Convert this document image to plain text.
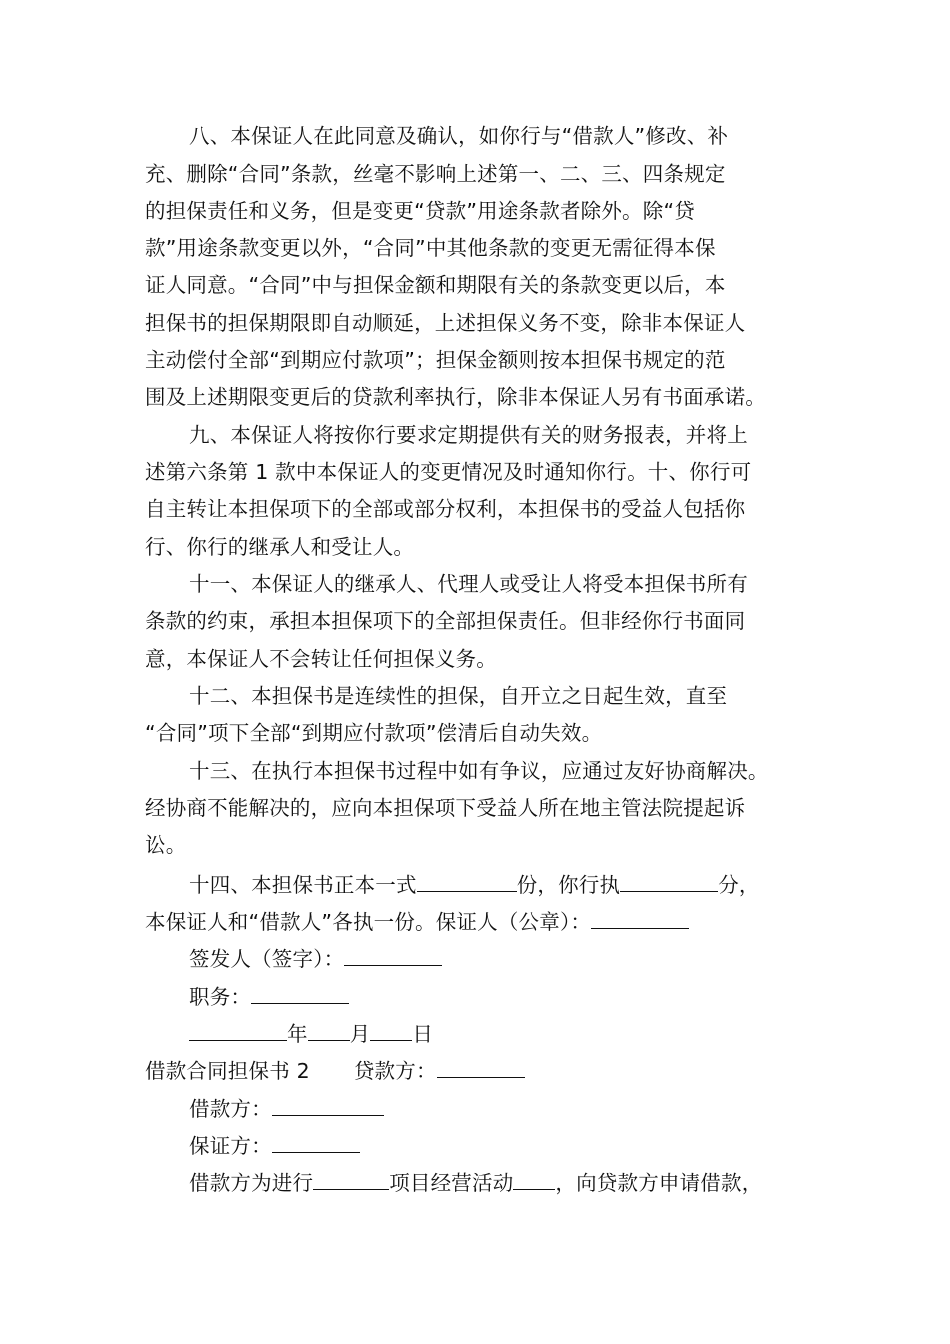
八、本保证人在此同意及确认，如你行与“借款人”修改、补
充、删除“合同”条款，丝毫不影响上述第一、二、三、四条规定
的担保责任和义务，但是变更“贷款”用途条款者除外。除“贷
款”用途条款变更以外，“合同”中其他条款的变更无需征得本保
证人同意。“合同”中与担保金额和期限有关的条款变更以后，本
担保书的担保期限即自动顺延，上述担保义务不变，除非本保证人
主动偿付全部“到期应付款项”；担保金额则按本担保书规定的范
围及上述期限变更后的贷款利率执行，除非本保证人另有书面承诺。
九、本保证人将按你行要求定期提供有关的财务报表，并将上
述第六条第 1 款中本保证人的变更情况及时通知你行。十、你行可
自主转让本担保项下的全部或部分权利，本担保书的受益人包括你
行、你行的继承人和受让人。
十一、本保证人的继承人、代理人或受让人将受本担保书所有
条款的约束，承担本担保项下的全部担保责任。但非经你行书面同
意，本保证人不会转让任何担保义务。
十二、本担保书是连续性的担保，自开立之日起生效，直至
“合同”项下全部“到期应付款项”偿清后自动失效。
十三、在执行本担保书过程中如有争议，应通过友好协商解决。
经协商不能解决的，应向本担保项下受益人所在地主管法院提起诉
讼。
十四、本担保书正本一式	份，你行执	分，
本保证人和“借款人”各执一份。保证人（公章）：
签发人（签字）：
职务：
年 月 日
借款合同担保书 2 贷款方：
借款方：
保证方：
借款方为进行	项目经营活动 ，向贷款方申请借款，
